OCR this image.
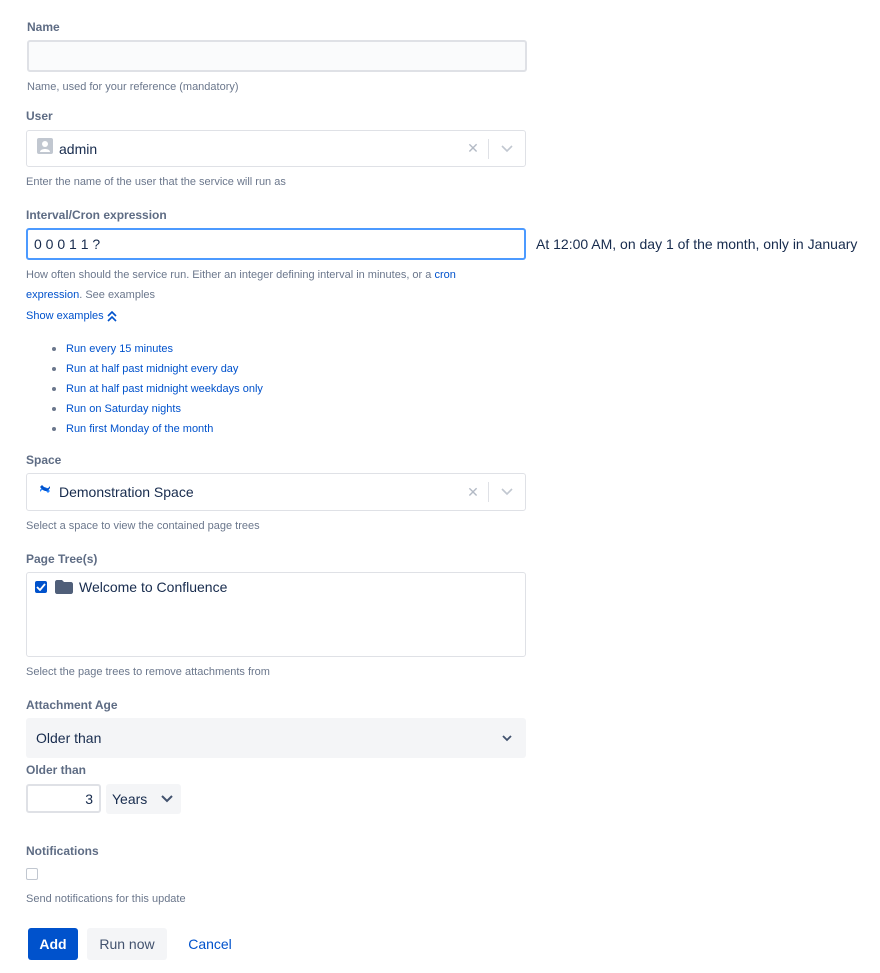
Name
Name, used for your reference (mandatory)
User
admin	✕
Enter the name of the user that the service will run as
Interval/Cron expression
0 0 0 1 1 ?
At 12:00 AM, on day 1 of the month, only in January
How often should the service run. Either an integer defining interval in minutes, or a cron
expression. See examples
Show examples
Run every 15 minutes
Run at half past midnight every day
Run at half past midnight weekdays only
Run on Saturday nights
Run first Monday of the month
Space
Demonstration Space	✕
Select a space to view the contained page trees
Page Tree(s)
Welcome to Confluence
Select the page trees to remove attachments from
Attachment Age
Older than
Older than
3
Years
Notifications
Send notifications for this update
Add	Run now	Cancel
